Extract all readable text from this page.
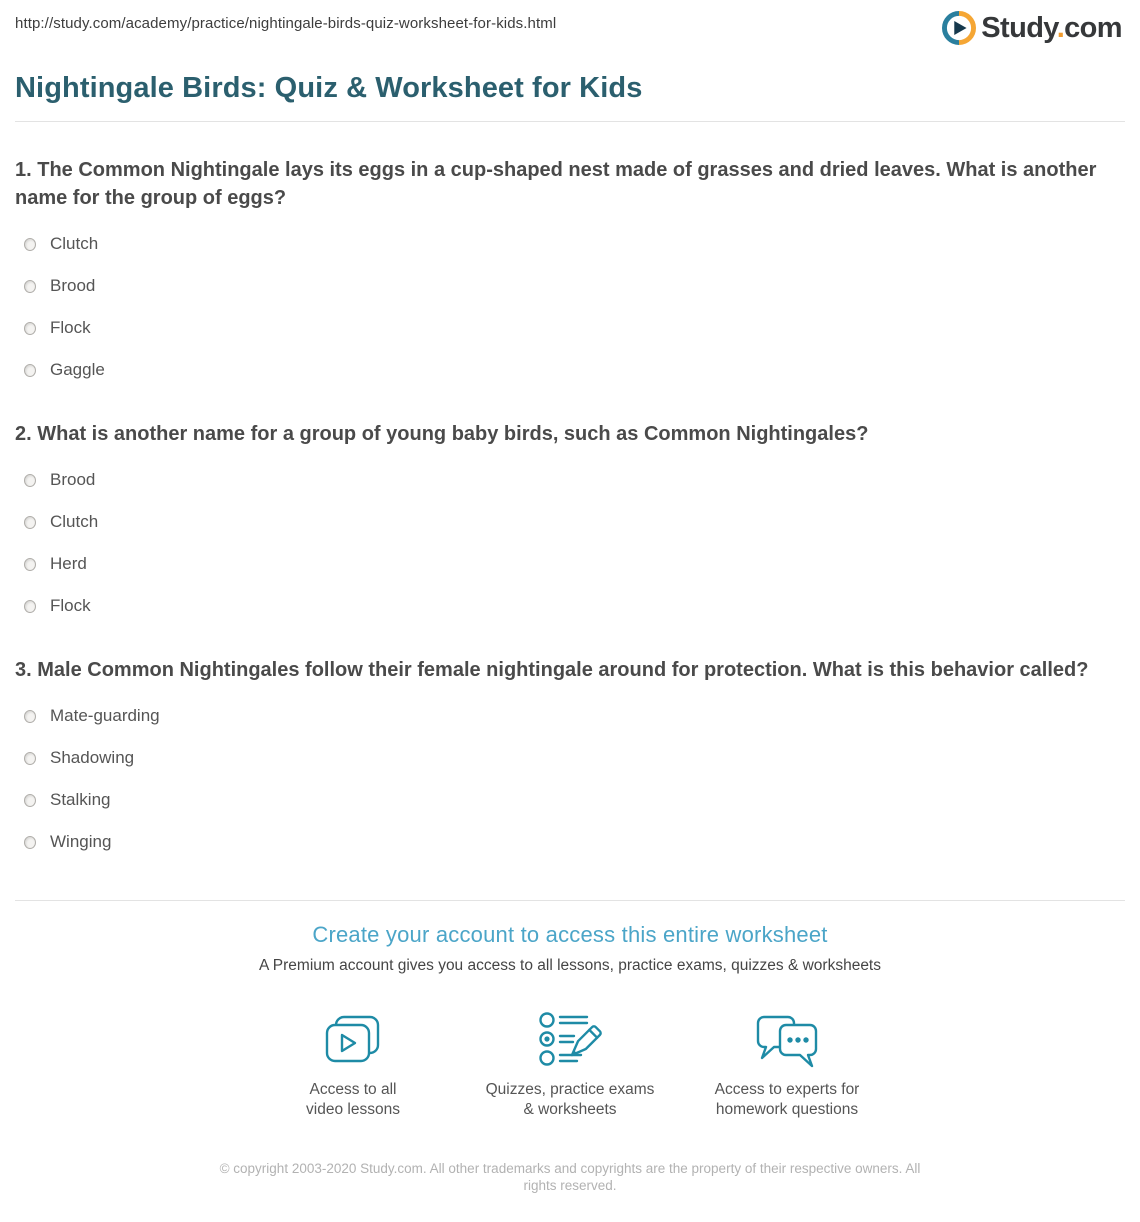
http://study.com/academy/practice/nightingale-birds-quiz-worksheet-for-kids.html	Study.com
Nightingale Birds: Quiz & Worksheet for Kids
1. The Common Nightingale lays its eggs in a cup-shaped nest made of grasses and dried leaves. What is another name for the group of eggs?
Clutch
Brood
Flock
Gaggle
2. What is another name for a group of young baby birds, such as Common Nightingales?
Brood
Clutch
Herd
Flock
3. Male Common Nightingales follow their female nightingale around for protection. What is this behavior called?
Mate-guarding
Shadowing
Stalking
Winging
Create your account to access this entire worksheet
A Premium account gives you access to all lessons, practice exams, quizzes & worksheets
Access to all
video lessons
Quizzes, practice exams
& worksheets
Access to experts for
homework questions
© copyright 2003-2020 Study.com. All other trademarks and copyrights are the property of their respective owners. All rights reserved.
